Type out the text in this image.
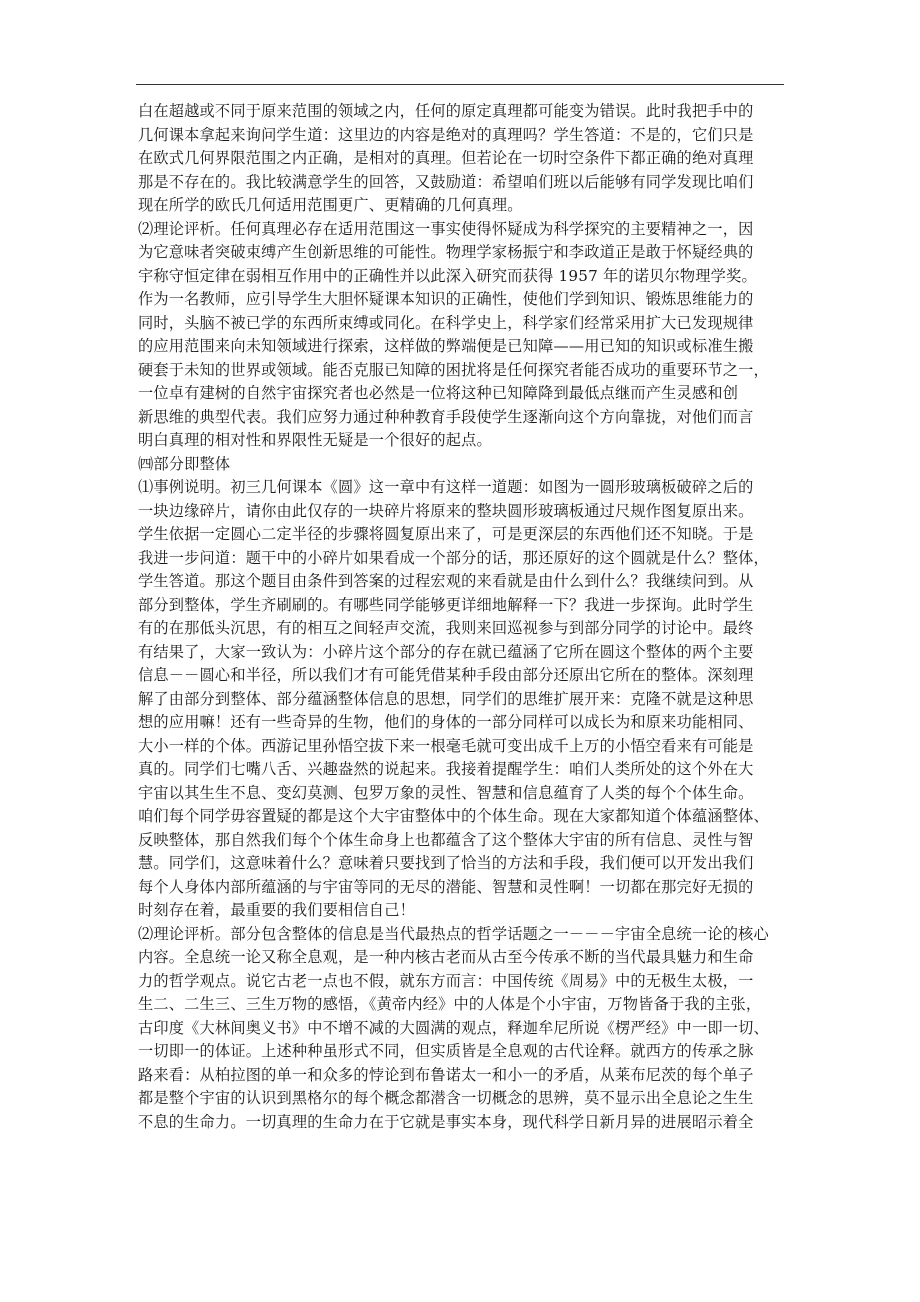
白在超越或不同于原来范围的领域之内，任何的原定真理都可能变为错误。此时我把手中的
几何课本拿起来询问学生道：这里边的内容是绝对的真理吗？学生答道：不是的，它们只是
在欧式几何界限范围之内正确，是相对的真理。但若论在一切时空条件下都正确的绝对真理
那是不存在的。我比较满意学生的回答，又鼓励道：希望咱们班以后能够有同学发现比咱们
现在所学的欧氏几何适用范围更广、更精确的几何真理。
⑵理论评析。任何真理必存在适用范围这一事实使得怀疑成为科学探究的主要精神之一，因
为它意味者突破束缚产生创新思维的可能性。物理学家杨振宁和李政道正是敢于怀疑经典的
宇称守恒定律在弱相互作用中的正确性并以此深入研究而获得 1957 年的诺贝尔物理学奖。
作为一名教师，应引导学生大胆怀疑课本知识的正确性，使他们学到知识、锻炼思维能力的
同时，头脑不被已学的东西所束缚或同化。在科学史上，科学家们经常采用扩大已发现规律
的应用范围来向未知领域进行探索，这样做的弊端便是已知障——用已知的知识或标准生搬
硬套于未知的世界或领域。能否克服已知障的困扰将是任何探究者能否成功的重要环节之一，
一位卓有建树的自然宇宙探究者也必然是一位将这种已知障降到最低点继而产生灵感和创
新思维的典型代表。我们应努力通过种种教育手段使学生逐渐向这个方向靠拢，对他们而言
明白真理的相对性和界限性无疑是一个很好的起点。
㈣部分即整体
⑴事例说明。初三几何课本《圆》这一章中有这样一道题：如图为一圆形玻璃板破碎之后的
一块边缘碎片，请你由此仅存的一块碎片将原来的整块圆形玻璃板通过尺规作图复原出来。
学生依据一定圆心二定半径的步骤将圆复原出来了，可是更深层的东西他们还不知晓。于是
我进一步问道：题干中的小碎片如果看成一个部分的话，那还原好的这个圆就是什么？整体，
学生答道。那这个题目由条件到答案的过程宏观的来看就是由什么到什么？我继续问到。从
部分到整体，学生齐刷刷的。有哪些同学能够更详细地解释一下？我进一步探询。此时学生
有的在那低头沉思，有的相互之间轻声交流，我则来回巡视参与到部分同学的讨论中。最终
有结果了，大家一致认为：小碎片这个部分的存在就已蕴涵了它所在圆这个整体的两个主要
信息－－圆心和半径，所以我们才有可能凭借某种手段由部分还原出它所在的整体。深刻理
解了由部分到整体、部分蕴涵整体信息的思想，同学们的思维扩展开来：克隆不就是这种思
想的应用嘛！还有一些奇异的生物，他们的身体的一部分同样可以成长为和原来功能相同、
大小一样的个体。西游记里孙悟空拔下来一根毫毛就可变出成千上万的小悟空看来有可能是
真的。同学们七嘴八舌、兴趣盎然的说起来。我接着提醒学生：咱们人类所处的这个外在大
宇宙以其生生不息、变幻莫测、包罗万象的灵性、智慧和信息蕴育了人类的每个个体生命。
咱们每个同学毋容置疑的都是这个大宇宙整体中的个体生命。现在大家都知道个体蕴涵整体、
反映整体，那自然我们每个个体生命身上也都蕴含了这个整体大宇宙的所有信息、灵性与智
慧。同学们，这意味着什么？意味着只要找到了恰当的方法和手段，我们便可以开发出我们
每个人身体内部所蕴涵的与宇宙等同的无尽的潜能、智慧和灵性啊！一切都在那完好无损的
时刻存在着，最重要的我们要相信自己！
⑵理论评析。部分包含整体的信息是当代最热点的哲学话题之一－－－宇宙全息统一论的核心
内容。全息统一论又称全息观，是一种内核古老而从古至今传承不断的当代最具魅力和生命
力的哲学观点。说它古老一点也不假，就东方而言：中国传统《周易》中的无极生太极，一
生二、二生三、三生万物的感悟，《黄帝内经》中的人体是个小宇宙，万物皆备于我的主张，
古印度《大林间奥义书》中不增不减的大圆满的观点，释迦牟尼所说《楞严经》中一即一切、
一切即一的体证。上述种种虽形式不同，但实质皆是全息观的古代诠释。就西方的传承之脉
路来看：从柏拉图的单一和众多的悖论到布鲁诺太一和小一的矛盾，从莱布尼茨的每个单子
都是整个宇宙的认识到黑格尔的每个概念都潜含一切概念的思辨，莫不显示出全息论之生生
不息的生命力。一切真理的生命力在于它就是事实本身，现代科学日新月异的进展昭示着全
